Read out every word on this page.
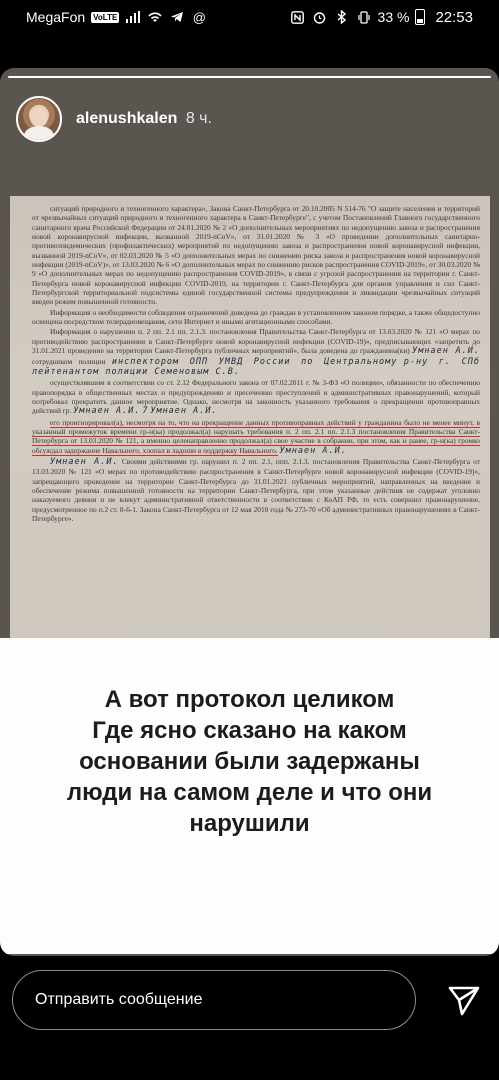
MegaFon VoLTE	@	33 % 22:53
alenushkalen 8 ч.

ситуаций природного и техногенного характера», Закона Санкт-Петербурга от 20.10.2005 N 514-76 "О защите населения и территорий от чрезвычайных ситуаций природного и техногенного характера в Санкт-Петербурге", с учетом Постановлений Главного государственного санитарного врача Российской Федерации от 24.01.2020 № 2 «О дополнительных мероприятиях по недопущению завоза и распространения новой коронавирусной инфекции, вызванной 2019-nCoV», от 31.01.2020 № 3 «О проведении дополнительных санитарно-противоэпидемических (профилактических) мероприятий по недопущению завоза и распространения новой коронавирусной инфекции, вызванной 2019-nCoV», от 02.03.2020 № 5 «О дополнительных мерах по снижению риска завоза и распространения новой коронавирусной инфекции (2019-nCoV)», от 13.03.2020 № 6 «О дополнительных мерах по снижению рисков распространения COVID-2019», от 30.03.2020 № 9 «О дополнительных мерах по недопущению распространения COVID-2019», в связи с угрозой распространения на территории г. Санкт-Петербурга новой коронавирусной инфекции COVID-2019, на территории г. Санкт-Петербурга для органов управления и сил Санкт-Петербургской территориальной подсистемы единой государственной системы предупреждения и ликвидации чрезвычайных ситуаций введен режим повышенной готовности.

Информация о необходимости соблюдения ограничений доведена до граждан в установленном законом порядке, а также общедоступно освещена посредством телерадиовещания, сети Интернет и иными агитационными способами.

Информация о нарушении п. 2 пп. 2.1 пп. 2.1.3. постановления Правительства Санкт-Петербурга от 13.03.2020 № 121 «О мерах по противодействию распространения в Санкт-Петербурге новой коронавирусной инфекции (COVID-19)», предписывающих «запретить до 31.01.2021 проведение на территории Санкт-Петербурга публичных мероприятий», была доведена до гражданина(ки) Умнаен А.И. сотрудником полиции инспектором ОПП УМВД России по Центральному р-ну г. СПб лейтенантом полиции Семеновым С.В.

осуществлявшим в соответствии со ст. 2.12 Федерального закона от 07.02.2011 г. № 3-ФЗ «О полиции», обязанности по обеспечению правопорядка в общественных местах и предупреждению и пресечению преступлений и административных правонарушений, который потребовал прекратить данное мероприятие. Однако, несмотря на законность указанного требования о прекращении противоправных действий гр. Умнаен А.И. 7 Умнаен А.И.

его проигнорировал(а), несмотря на то, что на прекращение данных противоправных действий у гражданина было не менее минут, в указанный промежуток времени гр-н(ка) продолжал(а) нарушать требования п. 2 пп. 2.1 пп. 2.1.3 постановления Правительства Санкт-Петербурга от 13.03.2020 № 121, а именно целенаправленно продолжал(а) свое участие в собрании, при этом, как и ранее, гр-н(ка) громко обсуждал задержание Навального, хлопал в ладоши в поддержку Навального. Умнаен А.И.

Умнаен А.И. Своими действиями гр. нарушил п. 2 пп. 2.1, ппп. 2.1.3. постановления Правительства Санкт-Петербурга от 13.03.2020 № 121 «О мерах по противодействию распространения в Санкт-Петербурге новой коронавирусной инфекции (COVID-19)», запрещающего проведение на территории Санкт-Петербурга до 31.01.2021 публичных мероприятий, направленных на введение и обеспечение режима повышенной готовности на территории Санкт-Петербурга, при этом указанные действия не содержат уголовно наказуемого деяния и не влекут административной ответственности в соответствии с КоАП РФ, то есть совершил правонарушение, предусмотренное по п.2 ст. 8-6-1. Закона Санкт-Петербурга от 12 мая 2010 года № 273-70 «Об административных правонарушениях в Санкт-Петербурге».

А вот протокол целиком
Где ясно сказано на каком
основании были задержаны
люди на самом деле и что они
нарушили
Отправить сообщение
